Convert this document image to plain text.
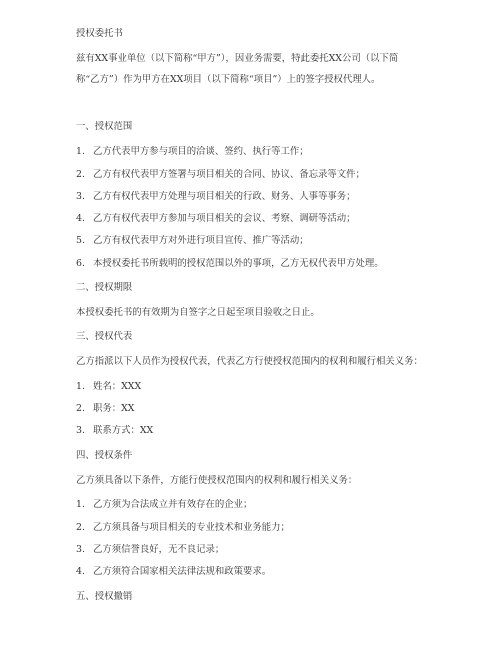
授权委托书
兹有XX事业单位（以下简称“甲方”），因业务需要，特此委托XX公司（以下简
称“乙方”）作为甲方在XX项目（以下简称“项目”）上的签字授权代理人。
一、授权范围
1. 乙方代表甲方参与项目的洽谈、签约、执行等工作；
2. 乙方有权代表甲方签署与项目相关的合同、协议、备忘录等文件；
3. 乙方有权代表甲方处理与项目相关的行政、财务、人事等事务；
4. 乙方有权代表甲方参加与项目相关的会议、考察、调研等活动；
5. 乙方有权代表甲方对外进行项目宣传、推广等活动；
6. 本授权委托书所载明的授权范围以外的事项，乙方无权代表甲方处理。
二、授权期限
本授权委托书的有效期为自签字之日起至项目验收之日止。
三、授权代表
乙方指派以下人员作为授权代表，代表乙方行使授权范围内的权利和履行相关义务：
1. 姓名：XXX
2. 职务：XX
3. 联系方式：XX
四、授权条件
乙方须具备以下条件，方能行使授权范围内的权利和履行相关义务：
1. 乙方须为合法成立并有效存在的企业；
2. 乙方须具备与项目相关的专业技术和业务能力；
3. 乙方须信誉良好，无不良记录；
4. 乙方须符合国家相关法律法规和政策要求。
五、授权撤销
